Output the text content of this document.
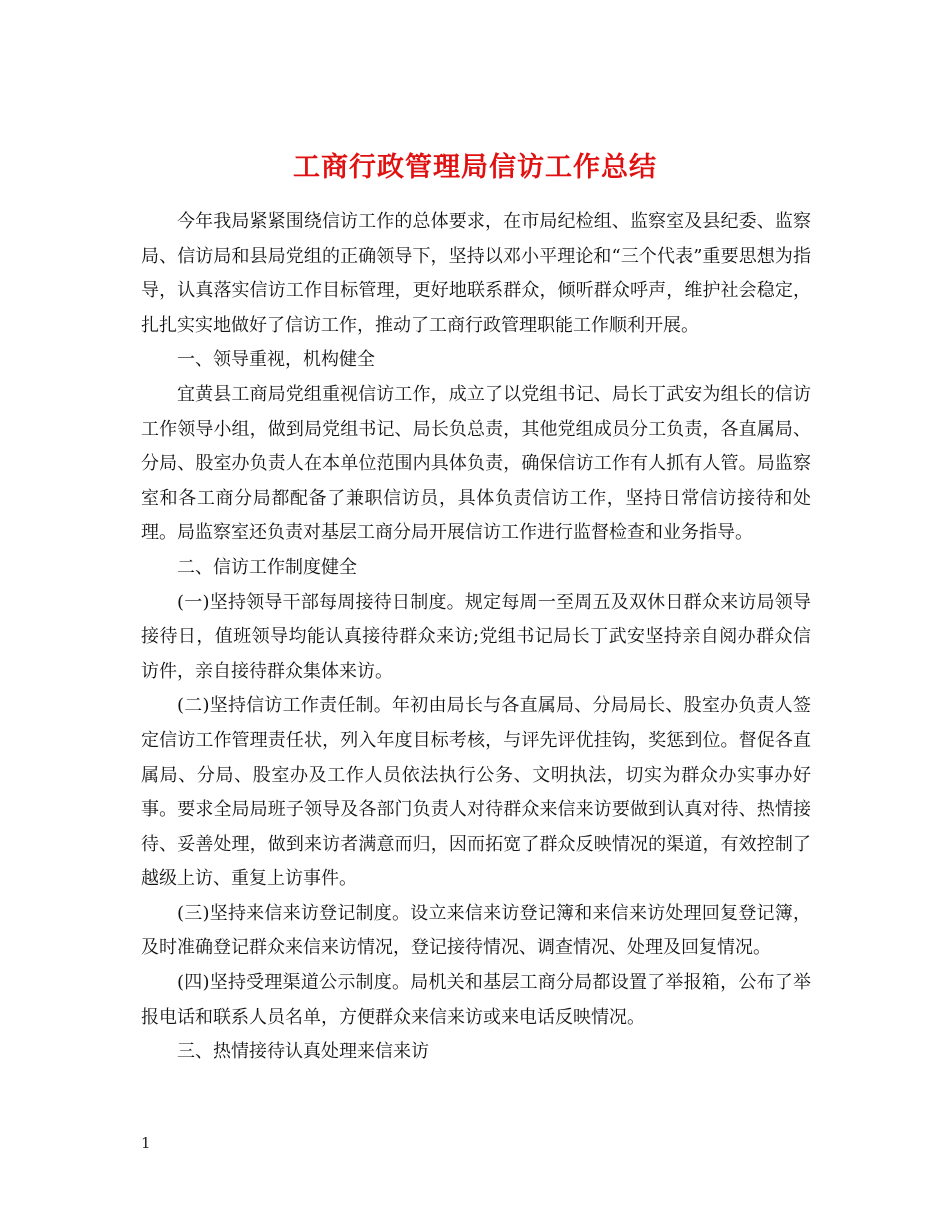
工商行政管理局信访工作总结

今年我局紧紧围绕信访工作的总体要求，在市局纪检组、监察室及县纪委、监察局、信访局和县局党组的正确领导下，坚持以邓小平理论和“三个代表”重要思想为指导，认真落实信访工作目标管理，更好地联系群众，倾听群众呼声，维护社会稳定，扎扎实实地做好了信访工作，推动了工商行政管理职能工作顺利开展。

一、领导重视，机构健全

宜黄县工商局党组重视信访工作，成立了以党组书记、局长丁武安为组长的信访工作领导小组，做到局党组书记、局长负总责，其他党组成员分工负责，各直属局、分局、股室办负责人在本单位范围内具体负责，确保信访工作有人抓有人管。局监察室和各工商分局都配备了兼职信访员，具体负责信访工作，坚持日常信访接待和处理。局监察室还负责对基层工商分局开展信访工作进行监督检查和业务指导。

二、信访工作制度健全

(一)坚持领导干部每周接待日制度。规定每周一至周五及双休日群众来访局领导接待日，值班领导均能认真接待群众来访;党组书记局长丁武安坚持亲自阅办群众信访件，亲自接待群众集体来访。

(二)坚持信访工作责任制。年初由局长与各直属局、分局局长、股室办负责人签定信访工作管理责任状，列入年度目标考核，与评先评优挂钩，奖惩到位。督促各直属局、分局、股室办及工作人员依法执行公务、文明执法，切实为群众办实事办好事。要求全局局班子领导及各部门负责人对待群众来信来访要做到认真对待、热情接待、妥善处理，做到来访者满意而归，因而拓宽了群众反映情况的渠道，有效控制了越级上访、重复上访事件。

(三)坚持来信来访登记制度。设立来信来访登记簿和来信来访处理回复登记簿，及时准确登记群众来信来访情况，登记接待情况、调查情况、处理及回复情况。

(四)坚持受理渠道公示制度。局机关和基层工商分局都设置了举报箱，公布了举报电话和联系人员名单，方便群众来信来访或来电话反映情况。

三、热情接待认真处理来信来访

1
